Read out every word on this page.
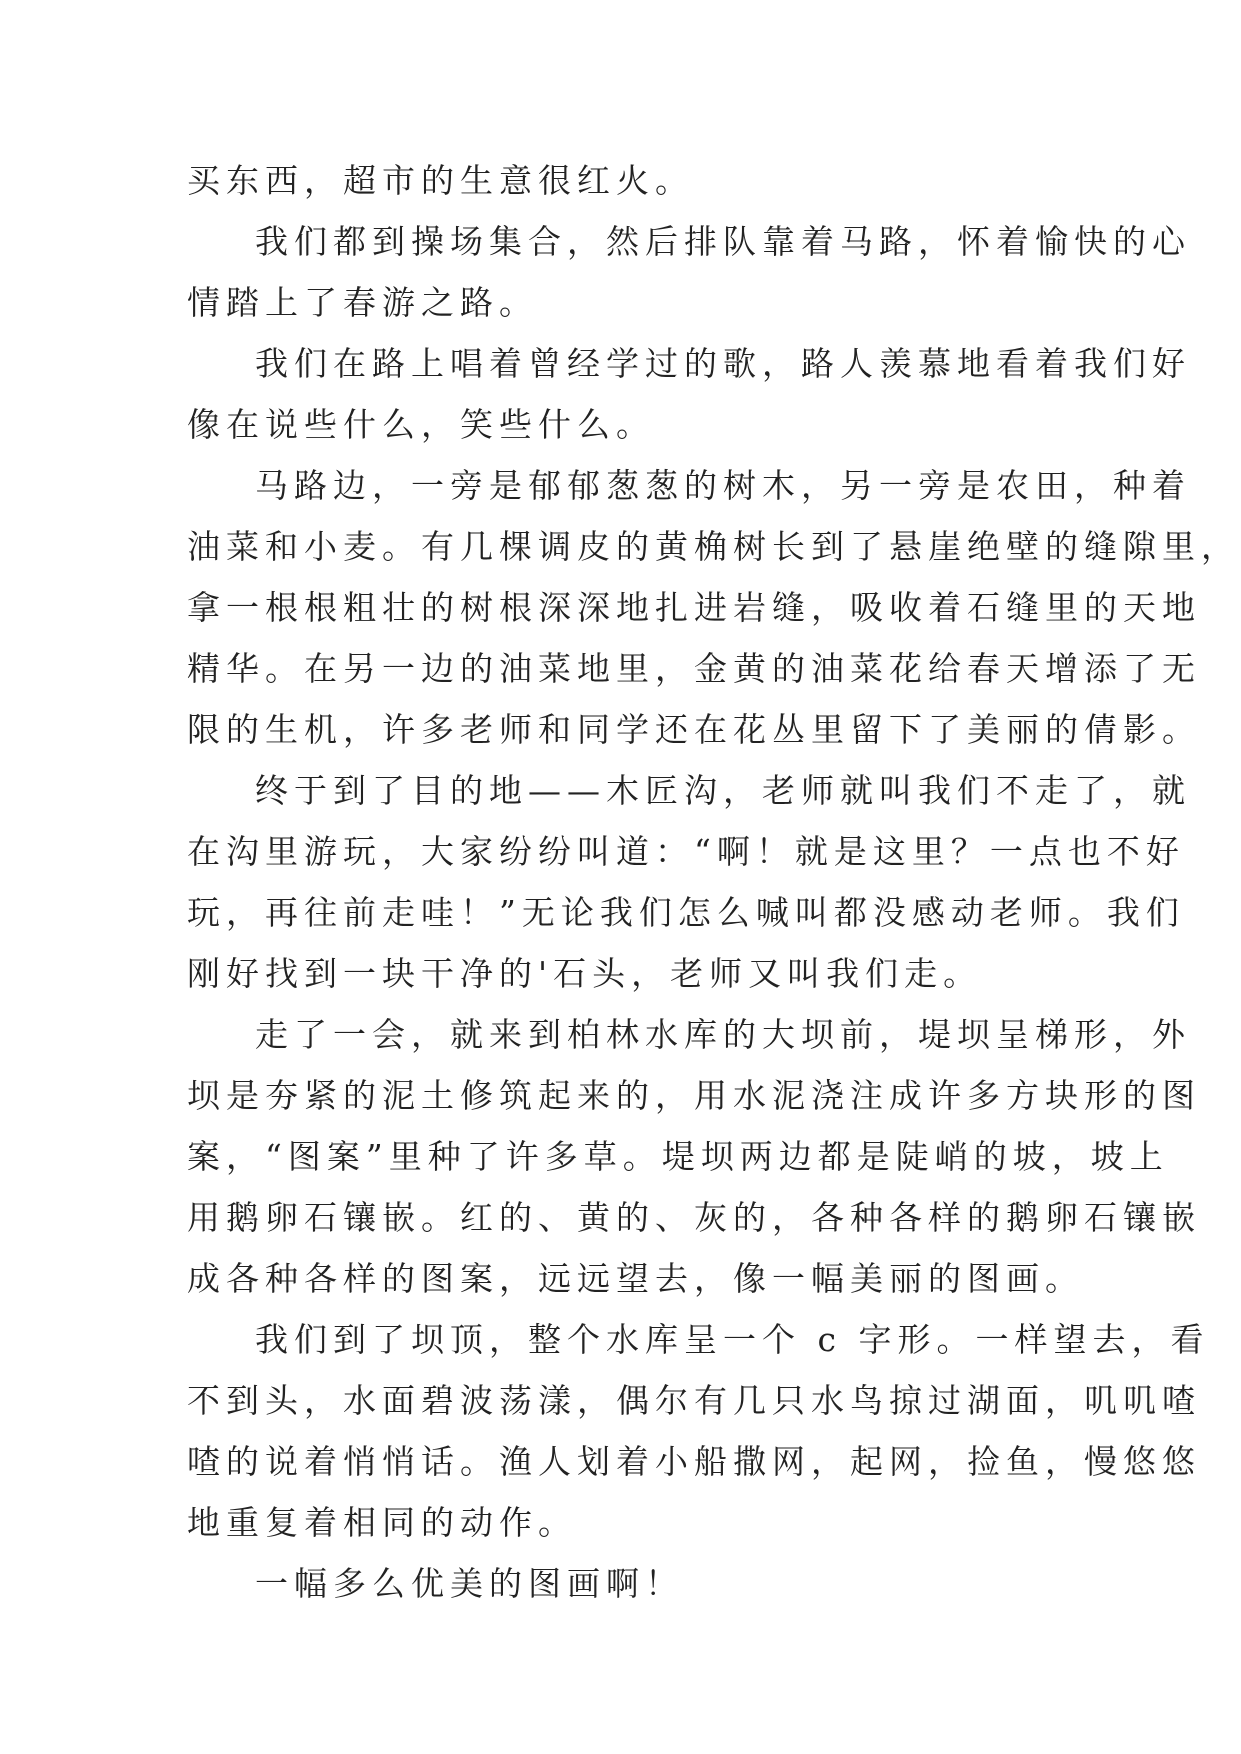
买东西，超市的生意很红火。
我们都到操场集合，然后排队靠着马路，怀着愉快的心
情踏上了春游之路。
我们在路上唱着曾经学过的歌，路人羡慕地看着我们好
像在说些什么，笑些什么。
马路边，一旁是郁郁葱葱的树木，另一旁是农田，种着
油菜和小麦。有几棵调皮的黄桷树长到了悬崖绝壁的缝隙里，
拿一根根粗壮的树根深深地扎进岩缝，吸收着石缝里的天地
精华。在另一边的油菜地里，金黄的油菜花给春天增添了无
限的生机，许多老师和同学还在花丛里留下了美丽的倩影。
终于到了目的地——木匠沟，老师就叫我们不走了，就
在沟里游玩，大家纷纷叫道：“啊！就是这里？一点也不好
玩，再往前走哇！”无论我们怎么喊叫都没感动老师。我们
刚好找到一块干净的'石头，老师又叫我们走。
走了一会，就来到柏林水库的大坝前，堤坝呈梯形，外
坝是夯紧的泥土修筑起来的，用水泥浇注成许多方块形的图
案，“图案”里种了许多草。堤坝两边都是陡峭的坡，坡上
用鹅卵石镶嵌。红的、黄的、灰的，各种各样的鹅卵石镶嵌
成各种各样的图案，远远望去，像一幅美丽的图画。
我们到了坝顶，整个水库呈一个 c 字形。一样望去，看
不到头，水面碧波荡漾，偶尔有几只水鸟掠过湖面，叽叽喳
喳的说着悄悄话。渔人划着小船撒网，起网，捡鱼，慢悠悠
地重复着相同的动作。
一幅多么优美的图画啊！
